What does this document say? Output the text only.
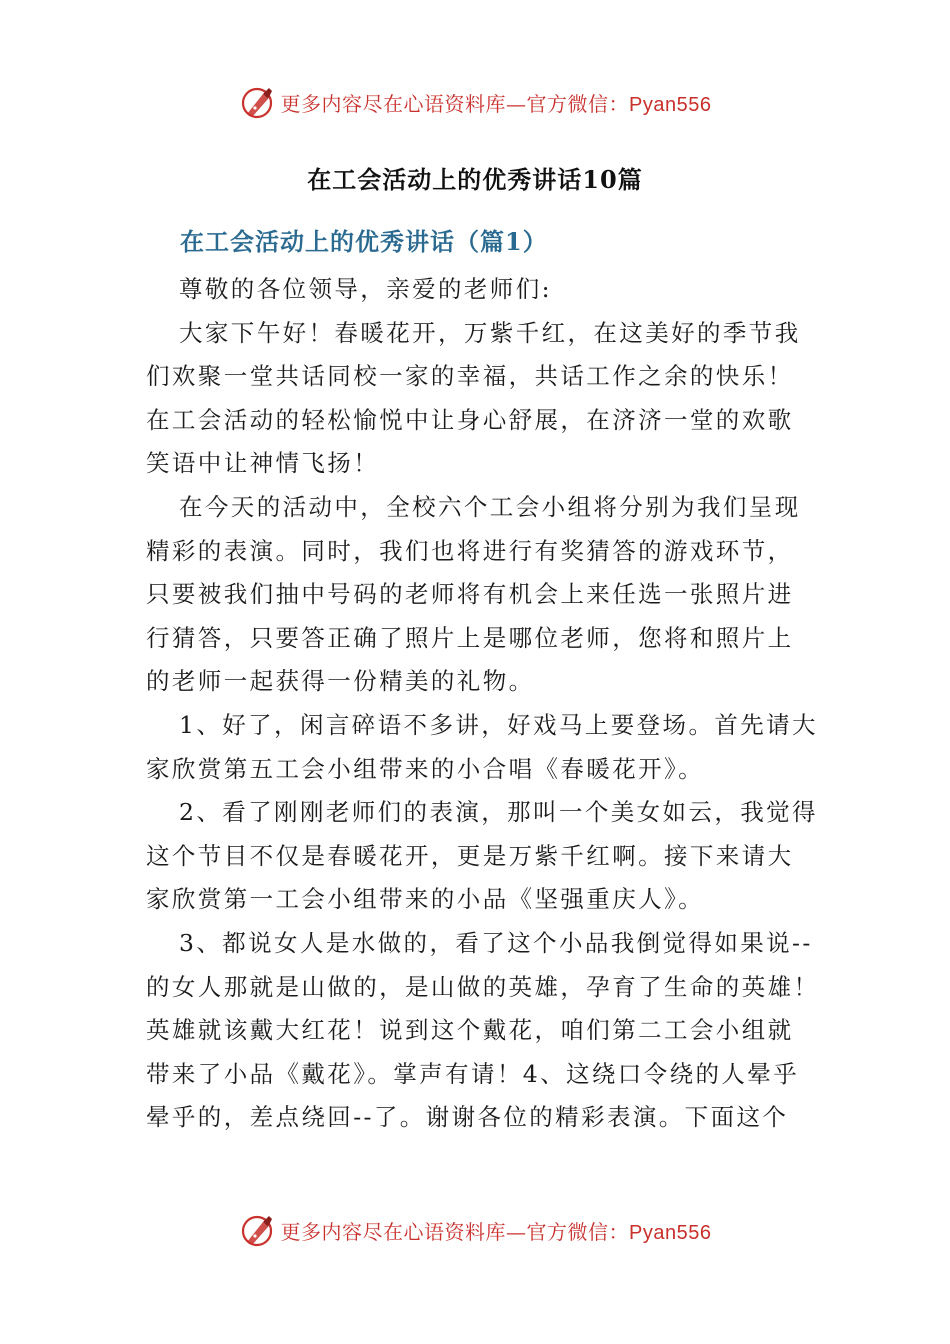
更多内容尽在心语资料库—官方微信：Pyan556
在工会活动上的优秀讲话10篇
在工会活动上的优秀讲话（篇1）
尊敬的各位领导，亲爱的老师们:
大家下午好！春暖花开，万紫千红，在这美好的季节我
们欢聚一堂共话同校一家的幸福，共话工作之余的快乐！
在工会活动的轻松愉悦中让身心舒展，在济济一堂的欢歌
笑语中让神情飞扬！
在今天的活动中，全校六个工会小组将分别为我们呈现
精彩的表演。同时，我们也将进行有奖猜答的游戏环节，
只要被我们抽中号码的老师将有机会上来任选一张照片进
行猜答，只要答正确了照片上是哪位老师，您将和照片上
的老师一起获得一份精美的礼物。
1、好了，闲言碎语不多讲，好戏马上要登场。首先请大
家欣赏第五工会小组带来的小合唱《春暖花开》。
2、看了刚刚老师们的表演，那叫一个美女如云，我觉得
这个节目不仅是春暖花开，更是万紫千红啊。接下来请大
家欣赏第一工会小组带来的小品《坚强重庆人》。
3、都说女人是水做的，看了这个小品我倒觉得如果说--
的女人那就是山做的，是山做的英雄，孕育了生命的英雄！
英雄就该戴大红花！说到这个戴花，咱们第二工会小组就
带来了小品《戴花》。掌声有请！4、这绕口令绕的人晕乎
晕乎的，差点绕回--了。谢谢各位的精彩表演。下面这个
更多内容尽在心语资料库—官方微信：Pyan556
